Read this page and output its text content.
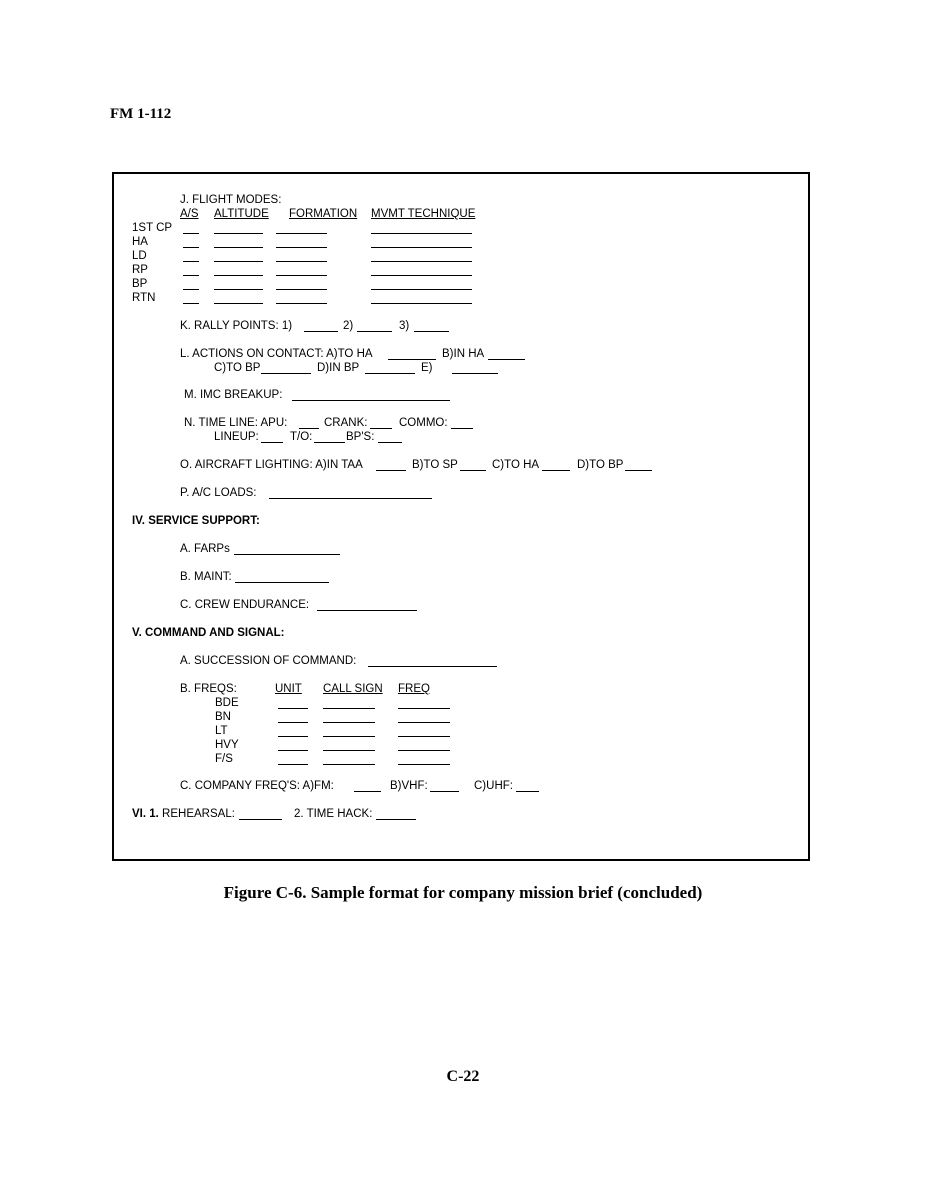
FM 1-112
J. FLIGHT MODES:
A/S ALTITUDE FORMATION MVMT TECHNIQUE
1ST CP
HA
LD
RP
BP
RTN
K. RALLY POINTS: 1)	2)	3)
L. ACTIONS ON CONTACT: A)TO HA	B)IN HA
C)TO BP	D)IN BP	E)
M. IMC BREAKUP:
N. TIME LINE: APU:	CRANK:	COMMO:
LINEUP:	T/O:	BP'S:
O. AIRCRAFT LIGHTING: A)IN TAA	B)TO SP	C)TO HA	D)TO BP
P. A/C LOADS:
IV. SERVICE SUPPORT:
A. FARPs
B. MAINT:
C. CREW ENDURANCE:
V. COMMAND AND SIGNAL:
A. SUCCESSION OF COMMAND:
B. FREQS:	UNIT CALL SIGN FREQ
BDE
BN
LT
HVY
F/S
C. COMPANY FREQ'S: A)FM:	B)VHF:	C)UHF:
VI. 1. REHEARSAL:	2. TIME HACK:
Figure C-6. Sample format for company mission brief (concluded)
C-22
